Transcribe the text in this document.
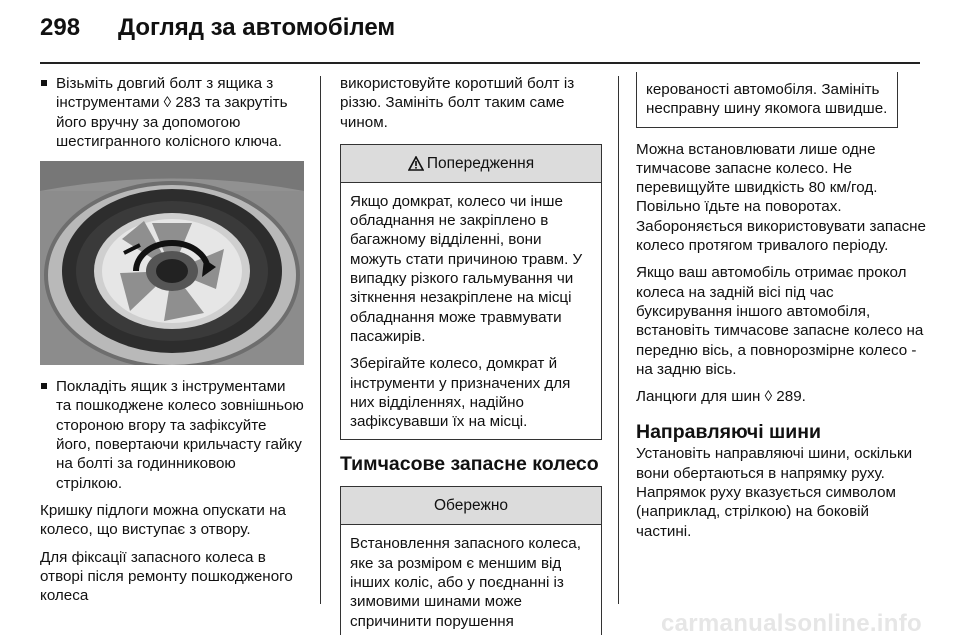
298 Догляд за автомобілем

Візьміть довгий болт з ящика з інструментами ◊ 283 та закрутіть його вручну за допомогою шестигранного колісного ключа.

Покладіть ящик з інструментами та пошкоджене колесо зовнішньою стороною вгору та зафіксуйте його, повертаючи крильчасту гайку на болті за годинниковою стрілкою.

Кришку підлоги можна опускати на колесо, що виступає з отвору.

Для фіксації запасного колеса в отворі після ремонту пошкодженого колеса

використовуйте коротший болт із різзю. Замініть болт таким саме чином.

Попередження

Якщо домкрат, колесо чи інше обладнання не закріплено в багажному відділенні, вони можуть стати причиною травм. У випадку різкого гальмування чи зіткнення незакріплене на місці обладнання може травмувати пасажирів.

Зберігайте колесо, домкрат й інструменти у призначених для них відділеннях, надійно зафіксувавши їх на місці.

Тимчасове запасне колесо
Обережно

Встановлення запасного колеса, яке за розміром є меншим від інших коліс, або у поєднанні із зимовими шинами може спричинити порушення

керованості автомобіля. Замініть несправну шину якомога швидше.

Можна встановлювати лише одне тимчасове запасне колесо. Не перевищуйте швидкість 80 км/год. Повільно їдьте на поворотах. Забороняється використовувати запасне колесо протягом тривалого періоду.

Якщо ваш автомобіль отримає прокол колеса на задній вісі під час буксирування іншого автомобіля, встановіть тимчасове запасне колесо на передню вісь, а повнорозмірне колесо - на задню вісь.

Ланцюги для шин ◊ 289.

Направляючі шини

Установіть направляючі шини, оскільки вони обертаються в напрямку руху. Напрямок руху вказується символом (наприклад, стрілкою) на боковій частині.

carmanualsonline.info
